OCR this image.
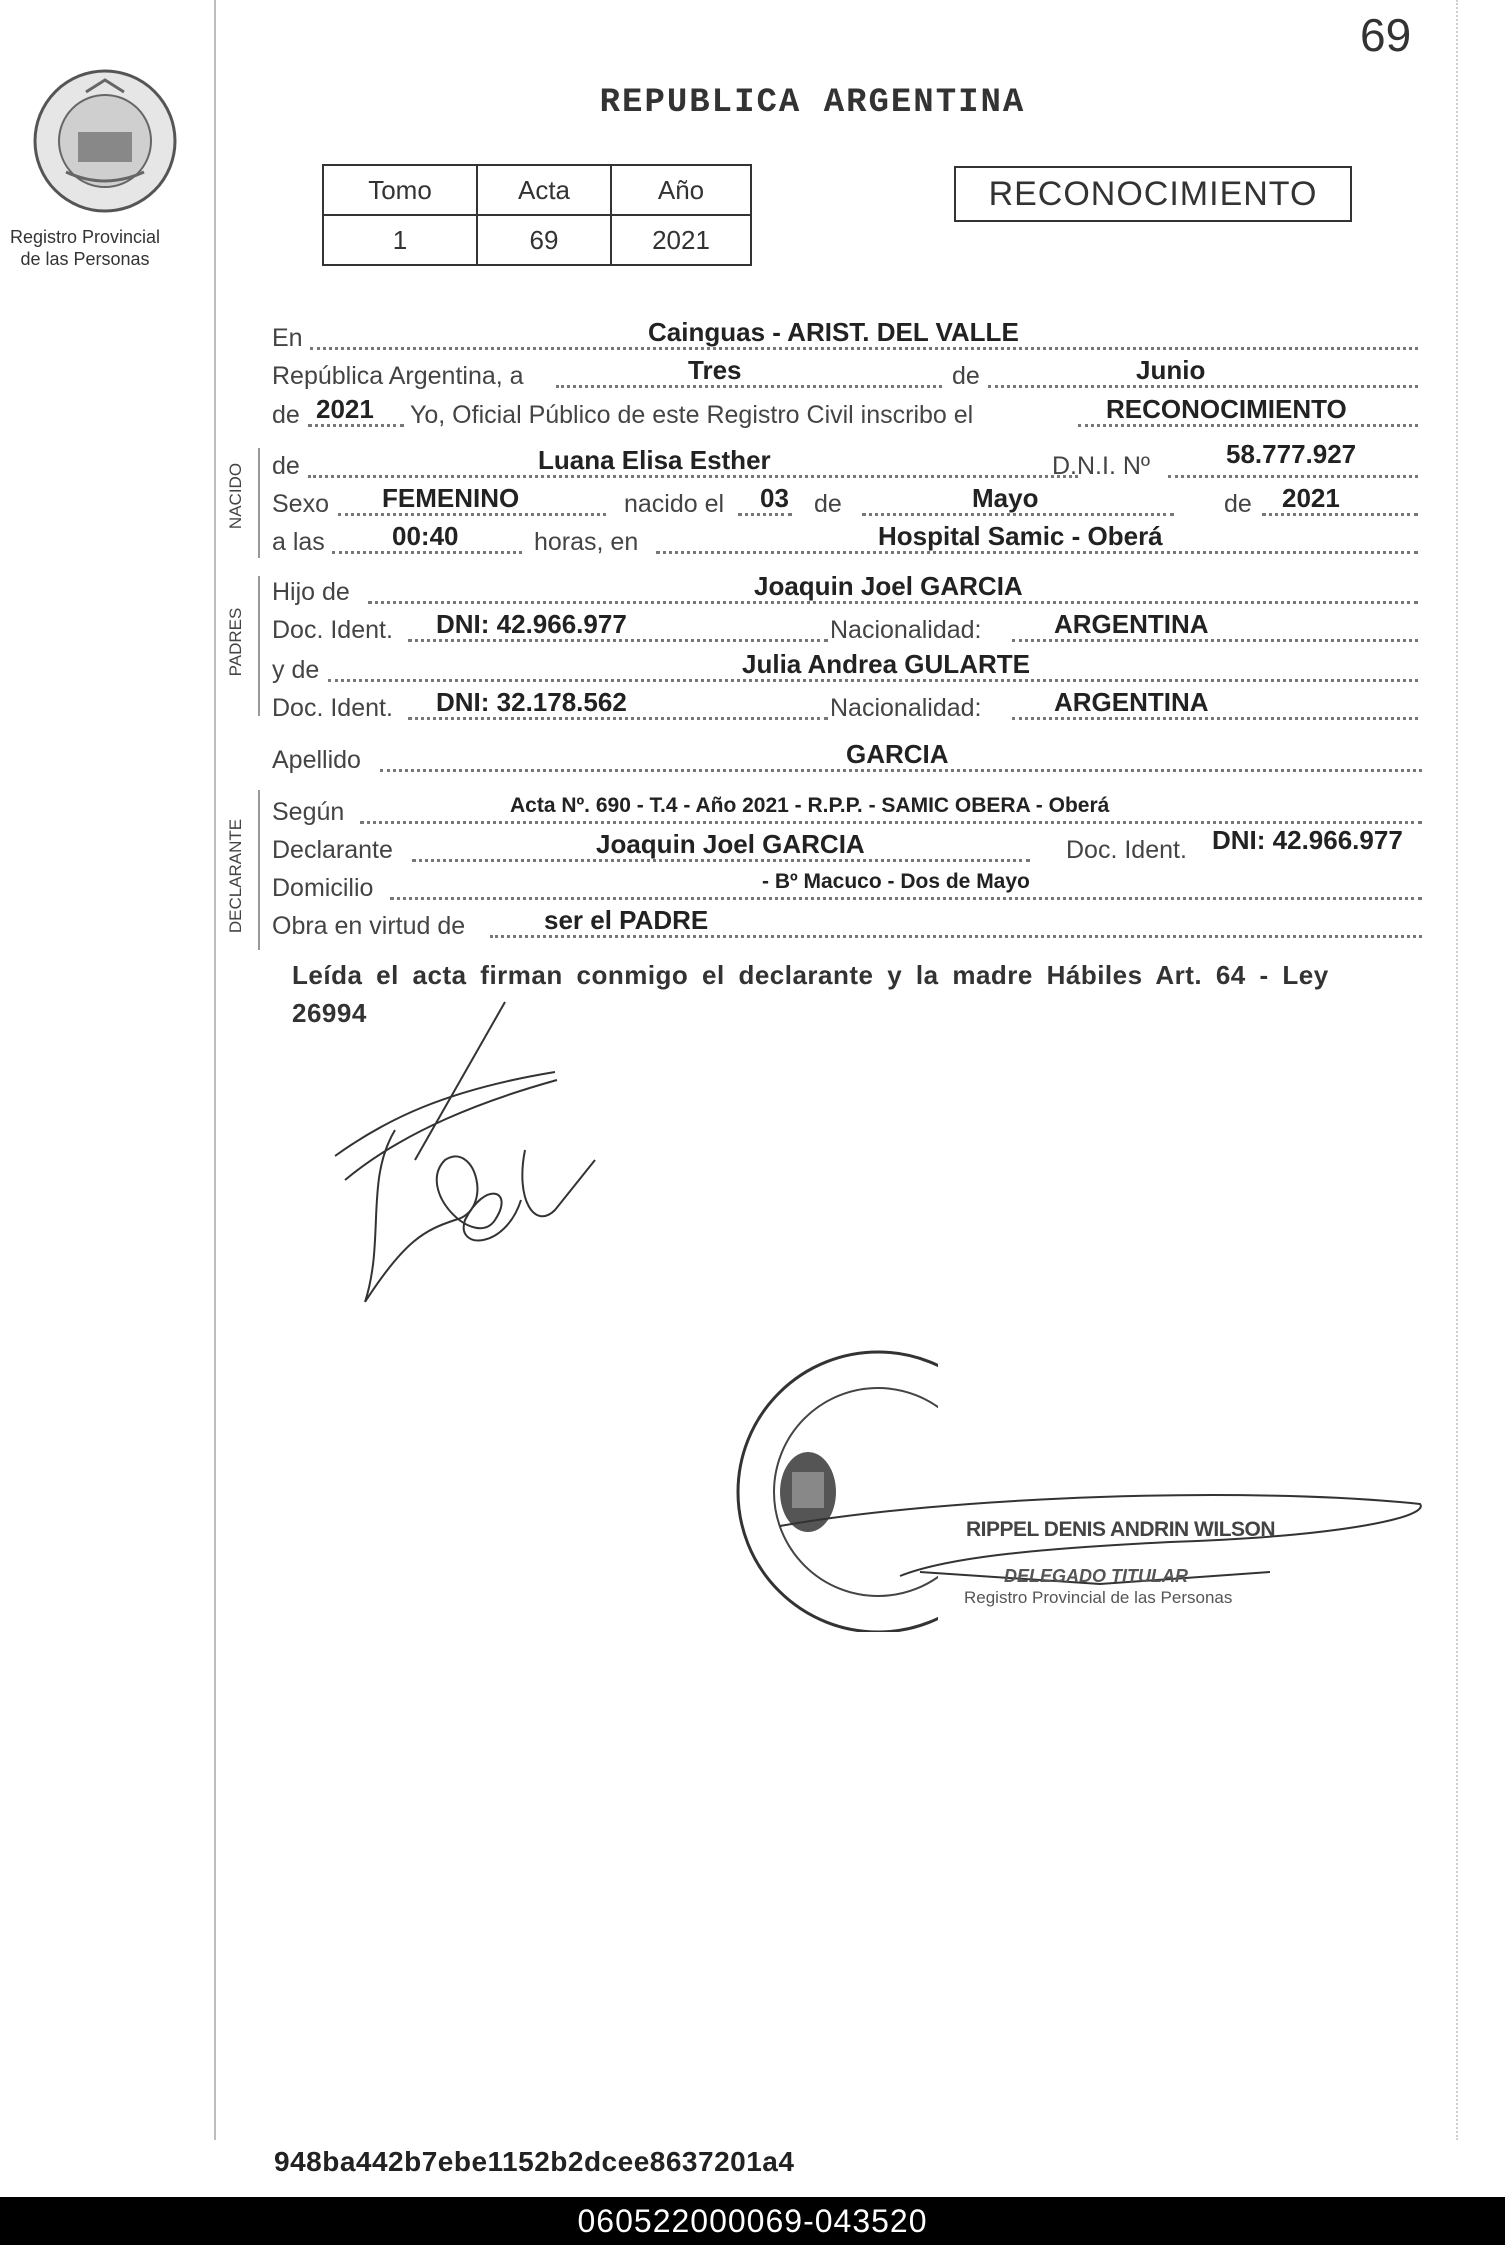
69
Registro Provincial de las Personas
REPUBLICA ARGENTINA
Tomo	Acta	Año
1	69	2021
RECONOCIMIENTO
NACIDO
PADRES
DECLARANTE
En	Cainguas - ARIST. DEL VALLE
República Argentina, a	Tres	de	Junio
de 2021 Yo, Oficial Público de este Registro Civil inscribo el	RECONOCIMIENTO
de	Luana Elisa Esther	D.N.I. Nº	58.777.927
Sexo FEMENINO	nacido el 03 de	Mayo	de 2021
a las	00:40	horas, en	Hospital Samic - Oberá
Hijo de	Joaquin Joel GARCIA
Doc. Ident. DNI: 42.966.977	Nacionalidad:	ARGENTINA
y de	Julia Andrea GULARTE
Doc. Ident. DNI: 32.178.562	Nacionalidad:	ARGENTINA
Apellido	GARCIA
Según	Acta Nº. 690 - T.4 - Año 2021 - R.P.P. - SAMIC OBERA - Oberá
Declarante	Joaquin Joel GARCIA	Doc. Ident. DNI: 42.966.977
Domicilio	- Bº Macuco - Dos de Mayo
Obra en virtud de	ser el PADRE
Leída el acta firman conmigo el declarante y la madre Hábiles Art. 64 - Ley 26994
RIPPEL DENIS ANDRIN WILSON
DELEGADO TITULAR
Registro Provincial de las Personas
948ba442b7ebe1152b2dcee8637201a4
060522000069-043520
